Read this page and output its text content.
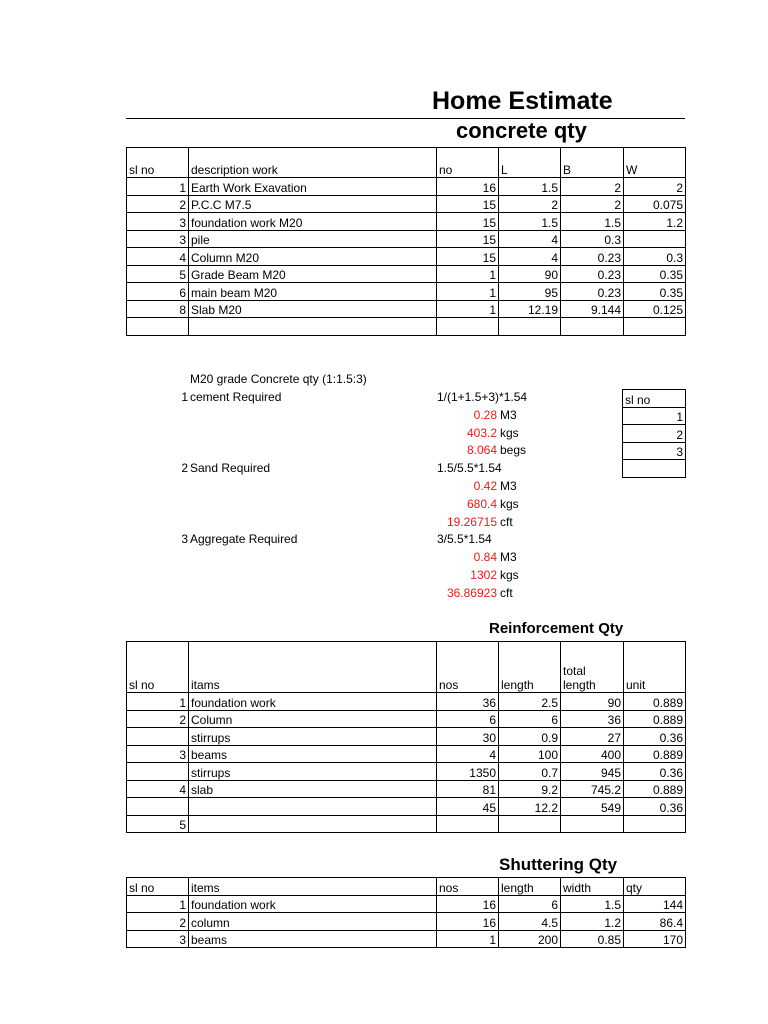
Home Estimate
concrete qty
sl no	description work	no	L	B	W
1	Earth Work Exavation	16	1.5	2	2
2	P.C.C M7.5	15	2	2	0.075
3	foundation work M20	15	1.5	1.5	1.2
3	pile	15	4	0.3	
4	Column M20	15	4	0.23	0.3
5	Grade Beam M20	1	90	0.23	0.35
6	main beam M20	1	95	0.23	0.35
8	Slab M20	1	12.19	9.144	0.125

M20 grade Concrete qty (1:1.5:3)
1 cement Required	1/(1+1.5+3)*1.54
0.28 M3
403.2 kgs
8.064 begs
2 Sand Required	1.5/5.5*1.54
0.42 M3
680.4 kgs
19.26715 cft
3 Aggregate Required	3/5.5*1.54
0.84 M3
1302 kgs
36.86923 cft
sl no
1
2
3

Reinforcement Qty
sl no	itams	nos	length	total length	unit
1	foundation work	36	2.5	90	0.889
2	Column	6	6	36	0.889
	stirrups	30	0.9	27	0.36
3	beams	4	100	400	0.889
	stirrups	1350	0.7	945	0.36
4	slab	81	9.2	745.2	0.889
		45	12.2	549	0.36
5					
Shuttering Qty
sl no	items	nos	length	width	qty
1	foundation work	16	6	1.5	144
2	column	16	4.5	1.2	86.4
3	beams	1	200	0.85	170
